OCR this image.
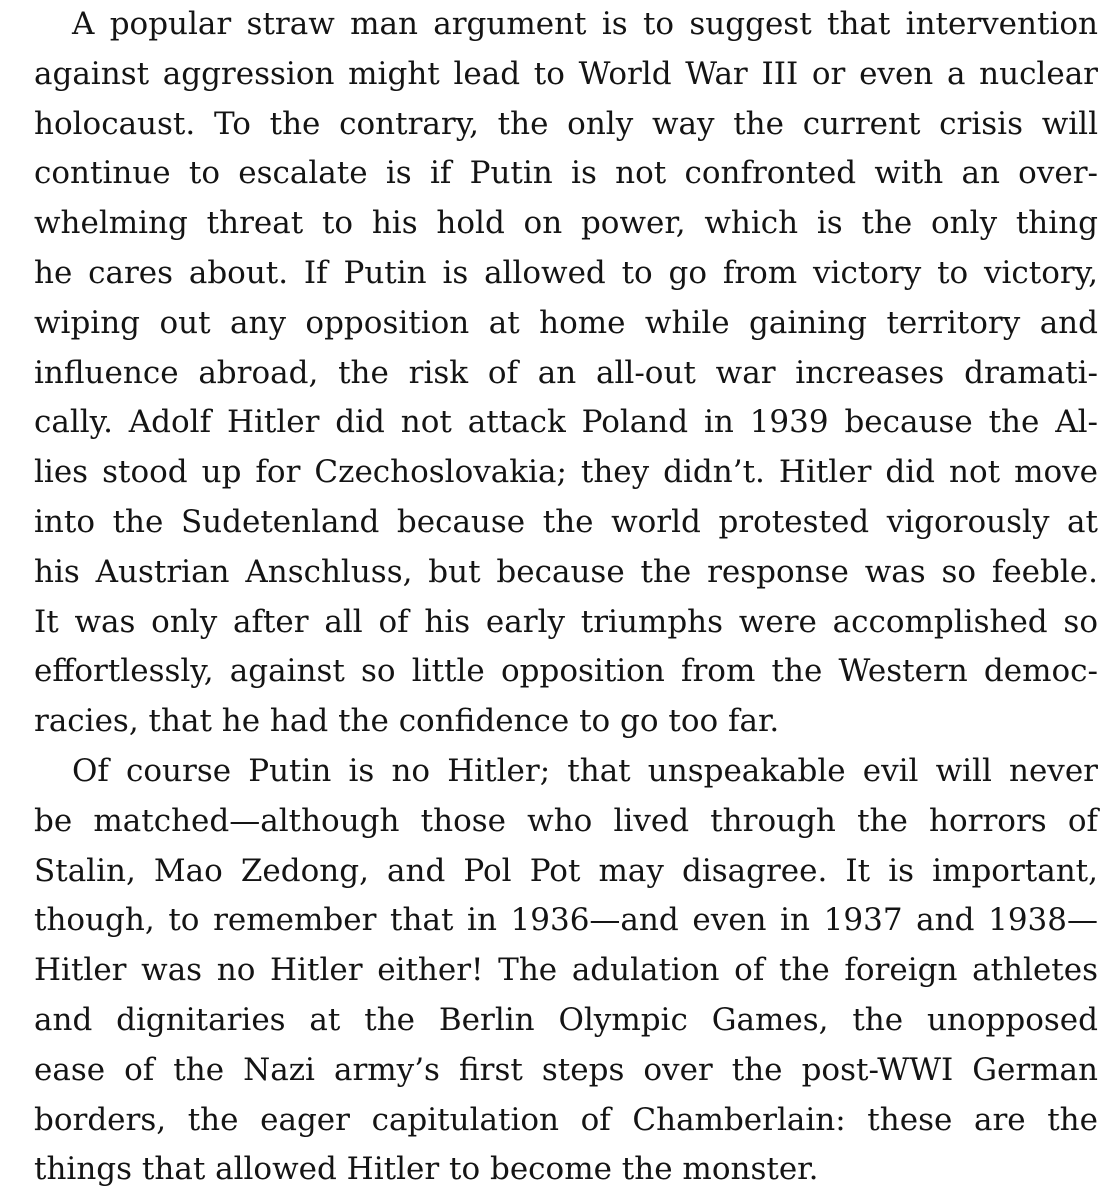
A popular straw man argument is to suggest that intervention
against aggression might lead to World War III or even a nuclear
holocaust. To the contrary, the only way the current crisis will
continue to escalate is if Putin is not confronted with an over-
whelming threat to his hold on power, which is the only thing
he cares about. If Putin is allowed to go from victory to victory,
wiping out any opposition at home while gaining territory and
influence abroad, the risk of an all-out war increases dramati-
cally. Adolf Hitler did not attack Poland in 1939 because the Al-
lies stood up for Czechoslovakia; they didn’t. Hitler did not move
into the Sudetenland because the world protested vigorously at
his Austrian Anschluss, but because the response was so feeble.
It was only after all of his early triumphs were accomplished so
effortlessly, against so little opposition from the Western democ-
racies, that he had the confidence to go too far.
Of course Putin is no Hitler; that unspeakable evil will never
be matched—although those who lived through the horrors of
Stalin, Mao Zedong, and Pol Pot may disagree. It is important,
though, to remember that in 1936—and even in 1937 and 1938—
Hitler was no Hitler either! The adulation of the foreign athletes
and dignitaries at the Berlin Olympic Games, the unopposed
ease of the Nazi army’s first steps over the post-WWI German
borders, the eager capitulation of Chamberlain: these are the
things that allowed Hitler to become the monster.
